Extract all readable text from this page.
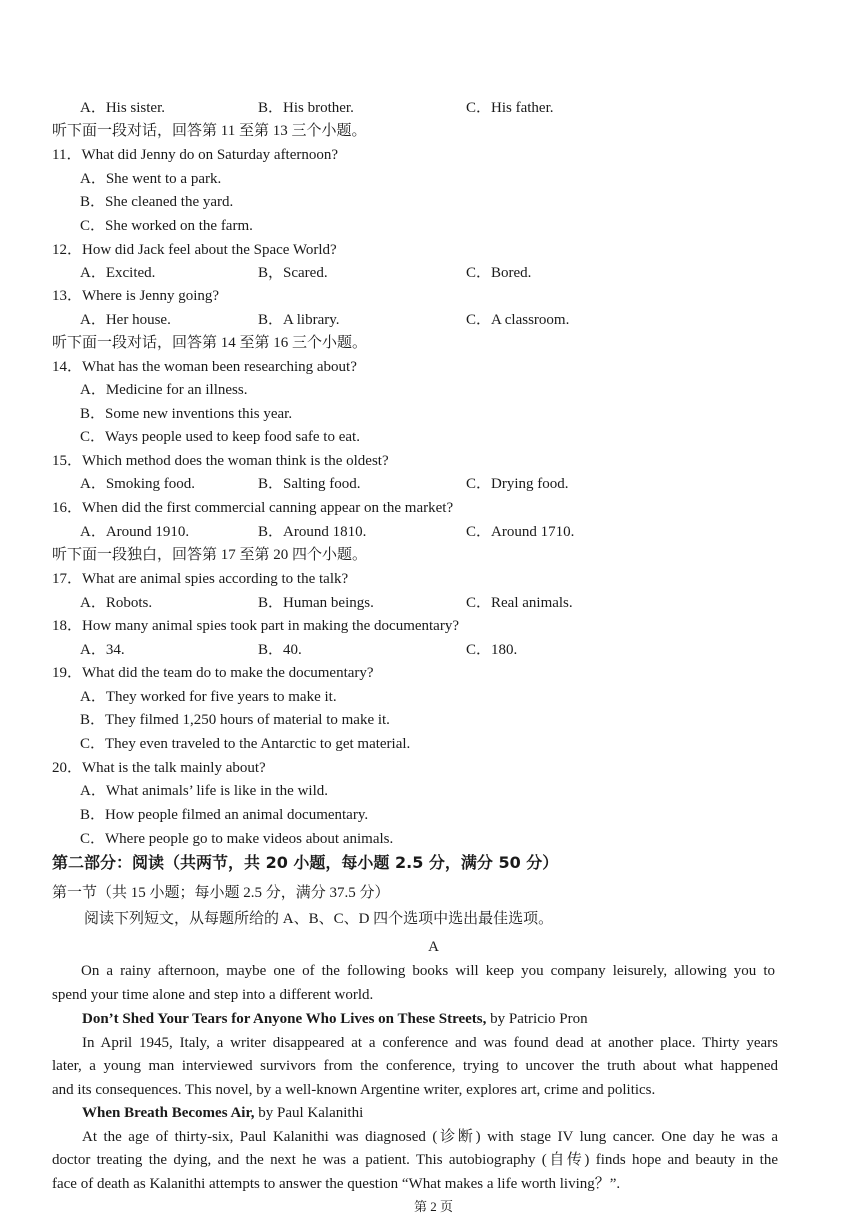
A．His sister.	B．His brother.	C．His father.
听下面一段对话，回答第 11 至第 13 三个小题。
11．What did Jenny do on Saturday afternoon?
A．She went to a park.
B．She cleaned the yard.
C．She worked on the farm.
12．How did Jack feel about the Space World?
A．Excited.	B，Scared.	C．Bored.
13．Where is Jenny going?
A．Her house.	B．A library.	C．A classroom.
听下面一段对话，回答第 14 至第 16 三个小题。
14．What has the woman been researching about?
A．Medicine for an illness.
B．Some new inventions this year.
C．Ways people used to keep food safe to eat.
15．Which method does the woman think is the oldest?
A．Smoking food.	B．Salting food.	C．Drying food.
16．When did the first commercial canning appear on the market?
A．Around 1910.	B．Around 1810.	C．Around 1710.
听下面一段独白，回答第 17 至第 20 四个小题。
17．What are animal spies according to the talk?
A．Robots.	B．Human beings.	C．Real animals.
18．How many animal spies took part in making the documentary?
A．34.	B．40.	C．180.
19．What did the team do to make the documentary?
A．They worked for five years to make it.
B．They filmed 1,250 hours of material to make it.
C．They even traveled to the Antarctic to get material.
20．What is the talk mainly about?
A．What animals’ life is like in the wild.
B．How people filmed an animal documentary.
C．Where people go to make videos about animals.
第二部分：阅读（共两节，共 20 小题，每小题 2.5 分，满分 50 分）
第一节（共 15 小题；每小题 2.5 分，满分 37.5 分）
阅读下列短文，从每题所给的 A、B、C、D 四个选项中选出最佳选项。
A
On a rainy afternoon, maybe one of the following books will keep you company leisurely, allowing you to
spend your time alone and step into a different world.
Don’t Shed Your Tears for Anyone Who Lives on These Streets, by Patricio Pron
In April 1945, Italy, a writer disappeared at a conference and was found dead at another place. Thirty years
later, a young man interviewed survivors from the conference, trying to uncover the truth about what happened
and its consequences. This novel, by a well-known Argentine writer, explores art, crime and politics.
When Breath Becomes Air, by Paul Kalanithi
At the age of thirty-six, Paul Kalanithi was diagnosed (诊断) with stage IV lung cancer. One day he was a
doctor treating the dying, and the next he was a patient. This autobiography (自传) finds hope and beauty in the
face of death as Kalanithi attempts to answer the question “What makes a life worth living？”.
第 2 页
